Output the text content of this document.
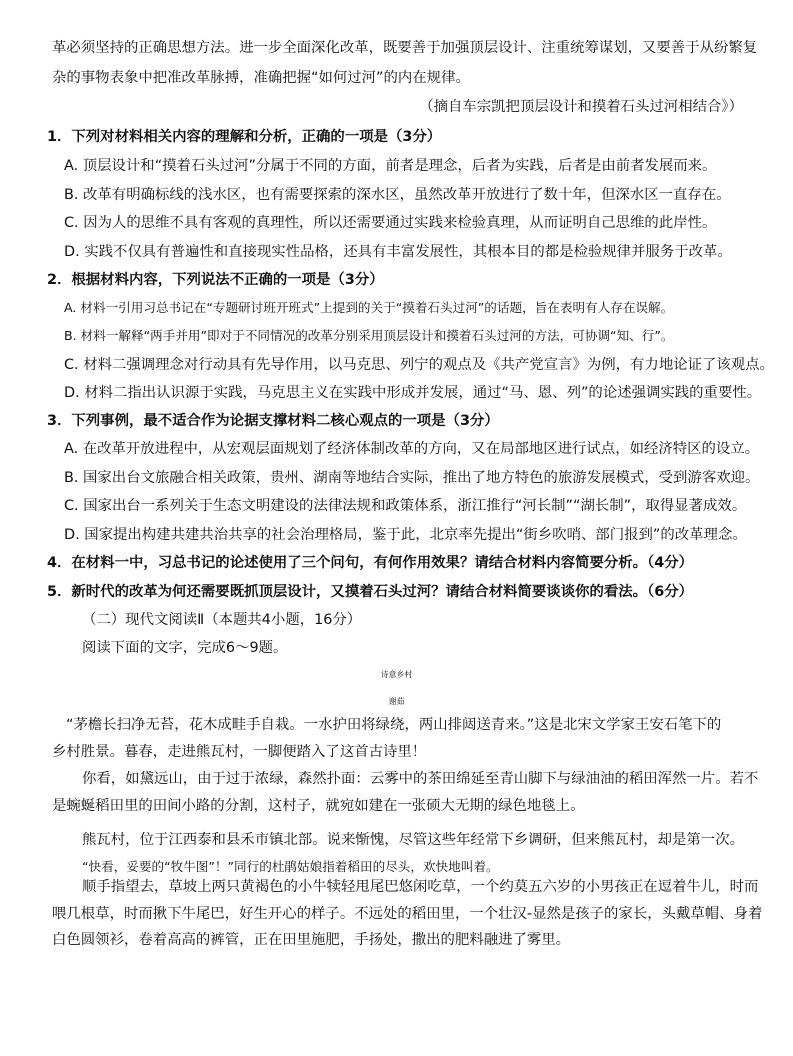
革必须坚持的正确思想方法。进一步全面深化改革，既要善于加强顶层设计、注重统筹谋划，又要善于从纷繁复
杂的事物表象中把准改革脉搏，准确把握“如何过河”的内在规律。
（摘自车宗凯把顶层设计和摸着石头过河相结合》）
1．下列对材料相关内容的理解和分析，正确的一项是（3分）
A. 顶层设计和“摸着石头过河”分属于不同的方面，前者是理念，后者为实践，后者是由前者发展而来。
B. 改革有明确标线的浅水区，也有需要探索的深水区，虽然改革开放进行了数十年，但深水区一直存在。
C. 因为人的思维不具有客观的真理性，所以还需要通过实践来检验真理，从而证明自己思维的此岸性。
D. 实践不仅具有普遍性和直接现实性品格，还具有丰富发展性，其根本目的都是检验规律并服务于改革。
2．根据材料内容，下列说法不正确的一项是（3分）
A. 材料一引用习总书记在“专题研讨班开班式”上提到的关于“摸着石头过河”的话题，旨在表明有人存在误解。
B. 材料一解释“两手并用”即对于不同情况的改革分别采用顶层设计和摸着石头过河的方法，可协调“知、行”。
C. 材料二强调理念对行动具有先导作用，以马克思、列宁的观点及《共产党宣言》为例，有力地论证了该观点。
D. 材料二指出认识源于实践，马克思主义在实践中形成并发展，通过“马、恩、列”的论述强调实践的重要性。
3．下列事例，最不适合作为论据支撑材料二核心观点的一项是（3分）
A. 在改革开放进程中，从宏观层面规划了经济体制改革的方向，又在局部地区进行试点，如经济特区的设立。
B. 国家出台文旅融合相关政策，贵州、湖南等地结合实际，推出了地方特色的旅游发展模式，受到游客欢迎。
C. 国家出台一系列关于生态文明建设的法律法规和政策体系，浙江推行“河长制”“湖长制”，取得显著成效。
D. 国家提出构建共建共治共享的社会治理格局，鉴于此，北京率先提出“街乡吹哨、部门报到”的改革理念。
4．在材料一中，习总书记的论述使用了三个问句，有何作用效果？请结合材料内容简要分析。（4分）
5．新时代的改革为何还需要既抓顶层设计，又摸着石头过河？请结合材料简要谈谈你的看法。（6分）
（二）现代文阅读Ⅱ（本题共4小题，16分）
阅读下面的文字，完成6～9题。
诗意乡村
谢茹
“茅檐长扫净无苔，花木成畦手自栽。一水护田将绿绕，两山排闼送青来。”这是北宋文学家王安石笔下的
乡村胜景。暮春，走进熊瓦村，一脚便踏入了这首古诗里！
你看，如黛远山，由于过于浓绿，森然扑面：云雾中的茶田绵延至青山脚下与绿油油的稻田浑然一片。若不
是蜿蜒稻田里的田间小路的分割，这村子，就宛如建在一张硕大无期的绿色地毯上。
熊瓦村，位于江西泰和县禾市镇北部。说来惭愧，尽管这些年经常下乡调研，但来熊瓦村，却是第一次。
“快看，妥要的“牧牛图”！”同行的杜鹃姑娘指着稻田的尽头，欢快地叫着。
顺手指望去，草坡上两只黄褐色的小牛犊轻甩尾巴悠闲吃草，一个约莫五六岁的小男孩正在逗着牛儿，时而
喂几根草，时而揪下牛尾巴，好生开心的样子。不远处的稻田里，一个壮汉-显然是孩子的家长，头戴草帽、身着
白色圆领衫，卷着高高的裤管，正在田里施肥，手扬处，撒出的肥料融进了雾里。
